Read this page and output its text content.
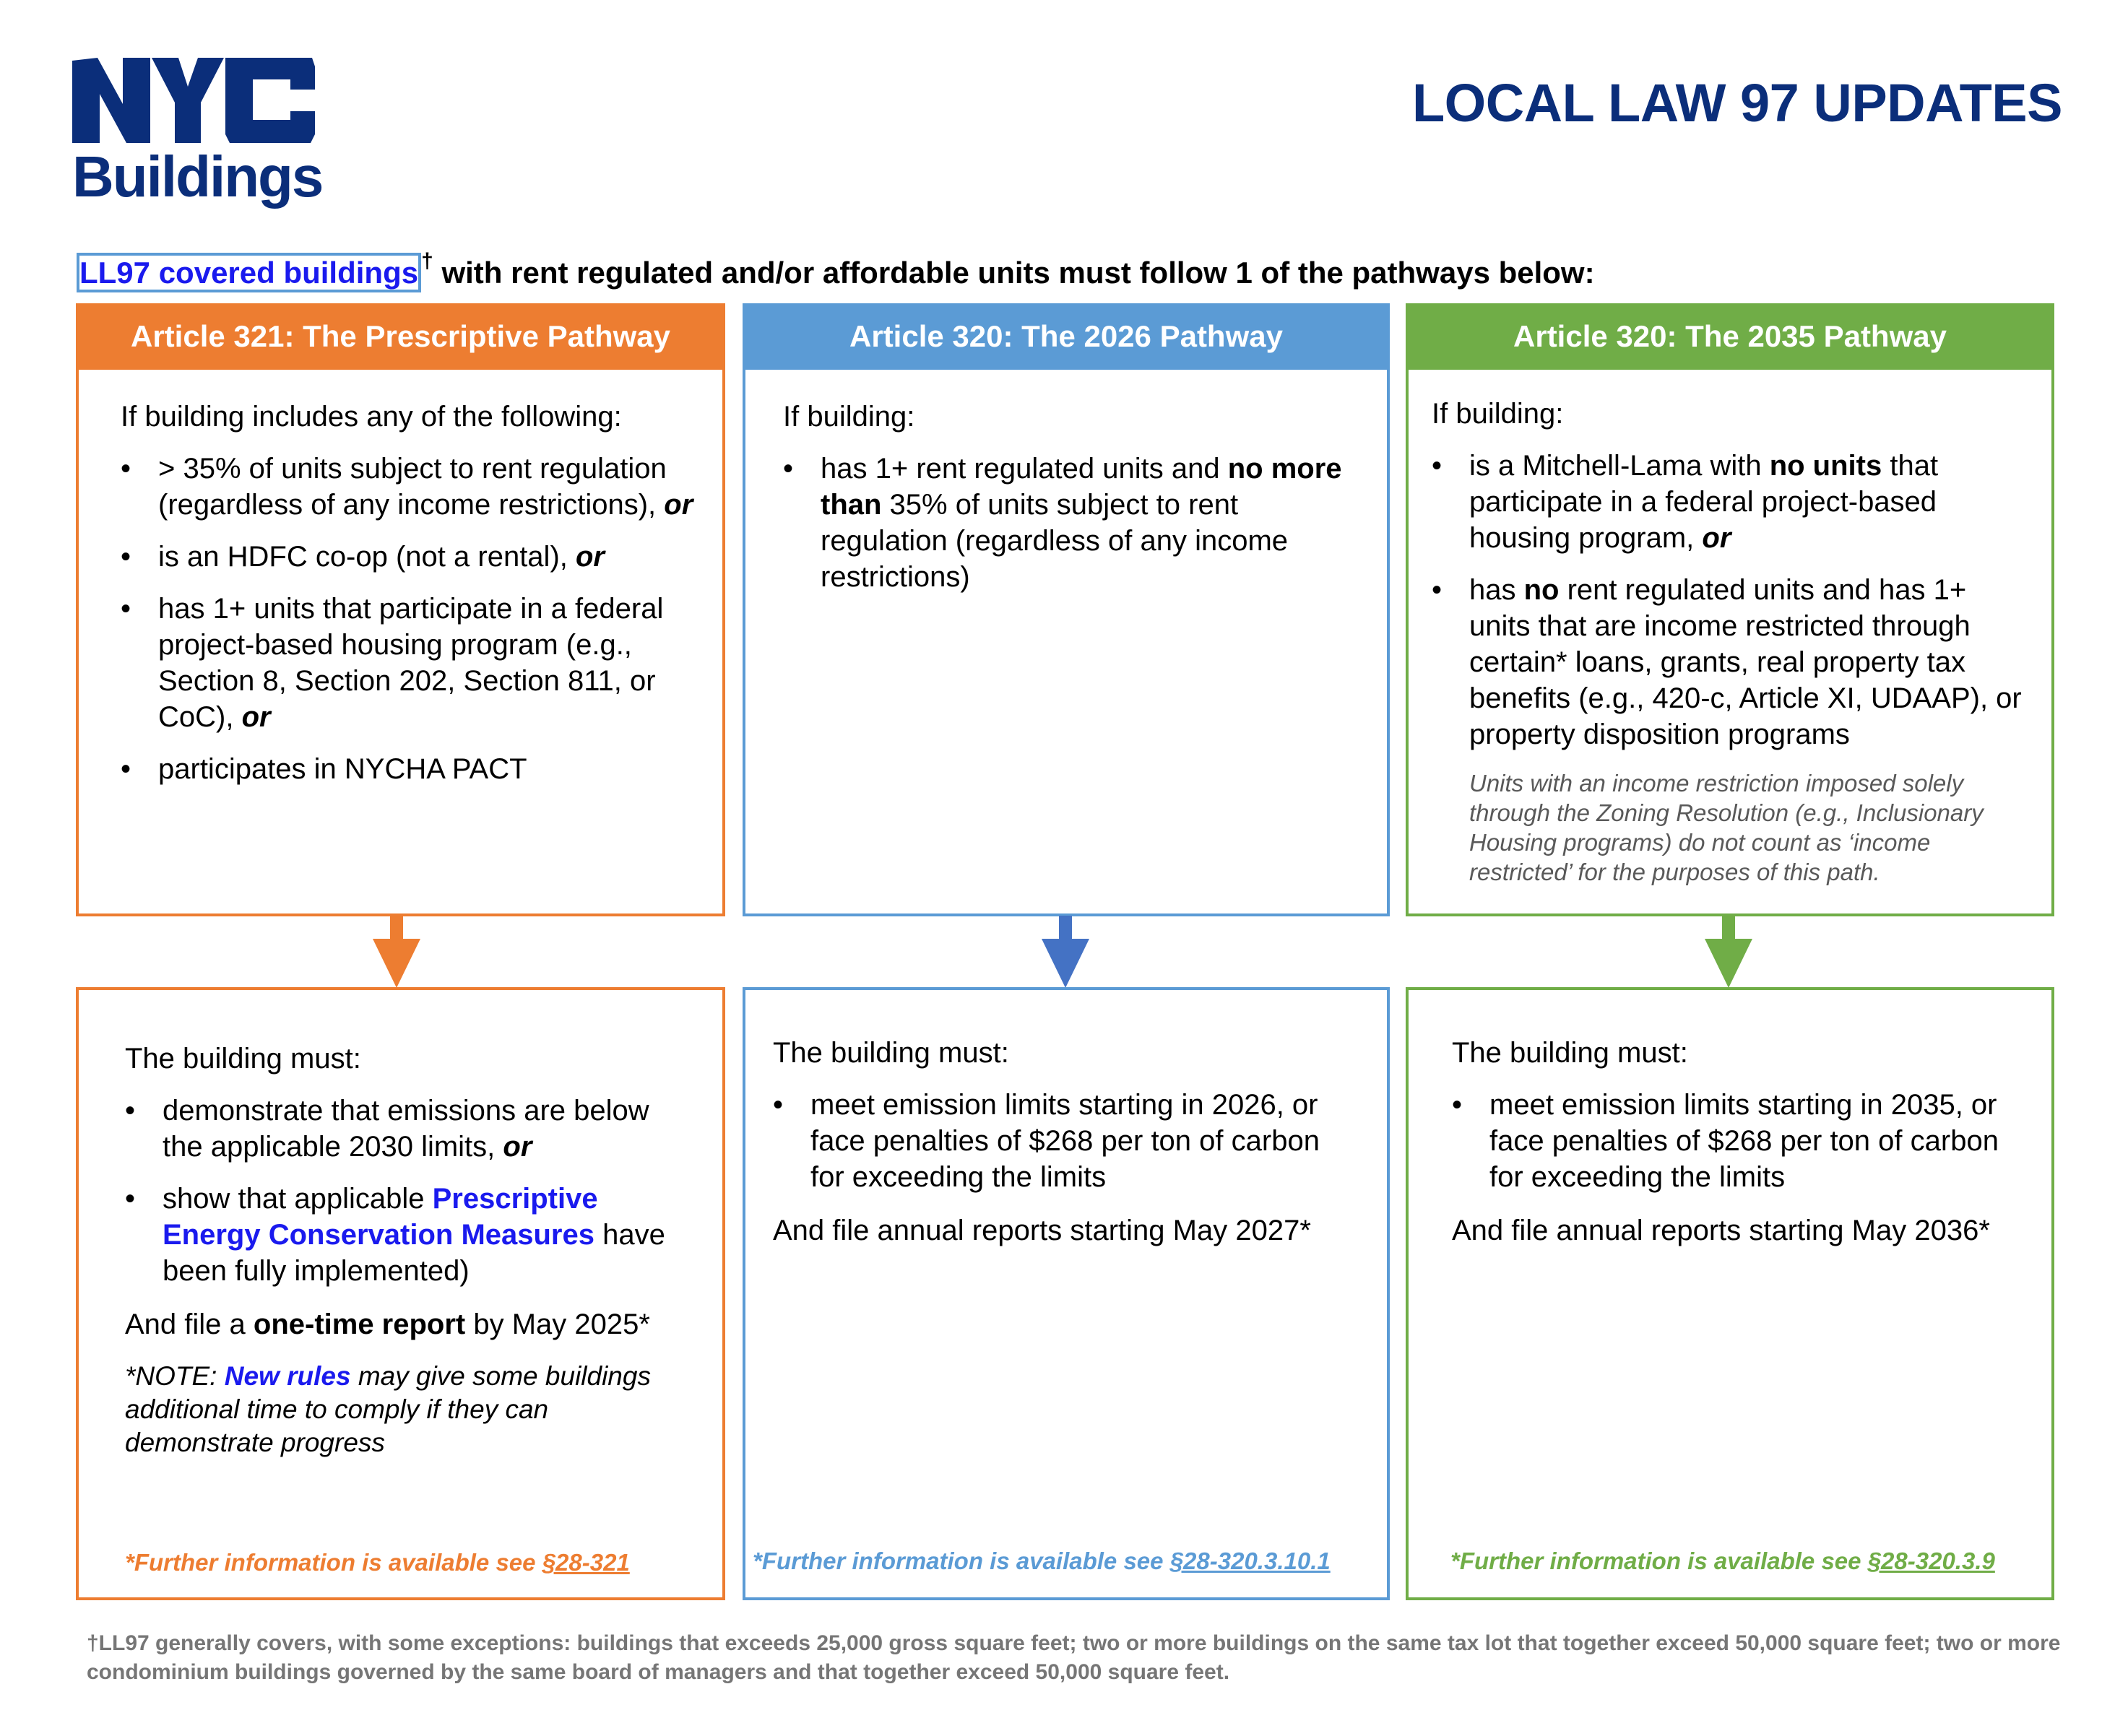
TM
Buildings
LOCAL LAW 97 UPDATES
LL97 covered buildings † with rent regulated and/or affordable units must follow 1 of the pathways below:
Article 321: The Prescriptive Pathway

If building includes any of the following:

• > 35% of units subject to rent regulation (regardless of any income restrictions), or
• is an HDFC co-op (not a rental), or
• has 1+ units that participate in a federal project-based housing program (e.g., Section 8, Section 202, Section 811, or CoC), or
• participates in NYCHA PACT
Article 320: The 2026 Pathway

If building:

• has 1+ rent regulated units and no more than 35% of units subject to rent regulation (regardless of any income restrictions)
Article 320: The 2035 Pathway

If building:

• is a Mitchell-Lama with no units that participate in a federal project-based housing program, or
• has no rent regulated units and has 1+ units that are income restricted through certain* loans, grants, real property tax benefits (e.g., 420-c, Article XI, UDAAP), or property disposition programs

Units with an income restriction imposed solely through the Zoning Resolution (e.g., Inclusionary Housing programs) do not count as ‘income restricted’ for the purposes of this path.

The building must:

• demonstrate that emissions are below the applicable 2030 limits, or
• show that applicable Prescriptive Energy Conservation Measures have been fully implemented)

And file a one-time report by May 2025*

*NOTE: New rules may give some buildings additional time to comply if they can demonstrate progress

*Further information is available see §28-321

The building must:

• meet emission limits starting in 2026, or face penalties of $268 per ton of carbon for exceeding the limits

And file annual reports starting May 2027*

*Further information is available see §28-320.3.10.1

The building must:

• meet emission limits starting in 2035, or face penalties of $268 per ton of carbon for exceeding the limits

And file annual reports starting May 2036*

*Further information is available see §28-320.3.9
†LL97 generally covers, with some exceptions: buildings that exceeds 25,000 gross square feet; two or more buildings on the same tax lot that together exceed 50,000 square feet; two or more condominium buildings governed by the same board of managers and that together exceed 50,000 square feet.
